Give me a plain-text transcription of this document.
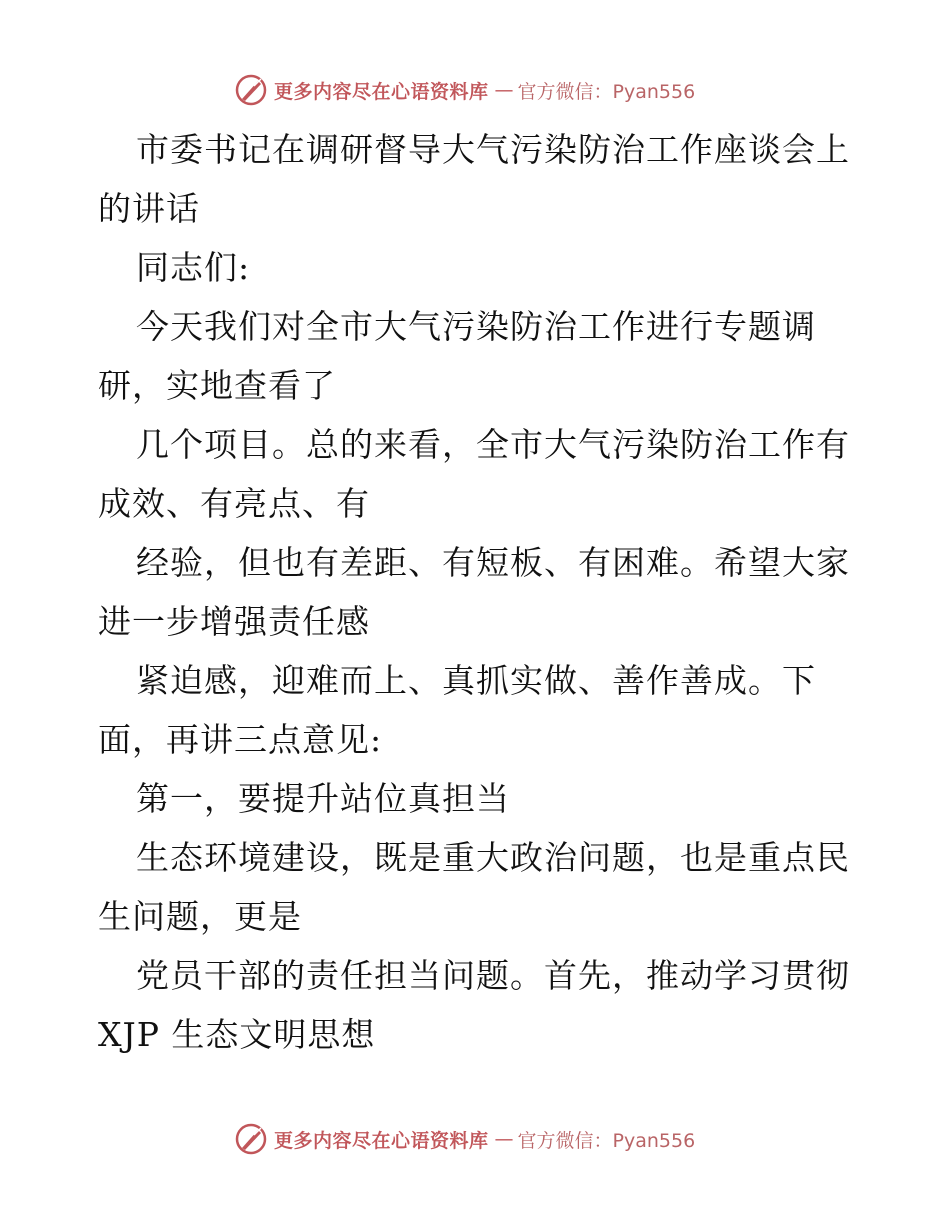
更多内容尽在心语资料库 — 官方微信：Pyan556
市委书记在调研督导大气污染防治工作座谈会上
的讲话
同志们:
今天我们对全市大气污染防治工作进行专题调
研，实地查看了
几个项目。总的来看，全市大气污染防治工作有
成效、有亮点、有
经验，但也有差距、有短板、有困难。希望大家
进一步增强责任感
紧迫感，迎难而上、真抓实做、善作善成。下
面，再讲三点意见:
第一，要提升站位真担当
生态环境建设，既是重大政治问题，也是重点民
生问题，更是
党员干部的责任担当问题。首先，推动学习贯彻
XJP 生态文明思想
更多内容尽在心语资料库 — 官方微信：Pyan556
